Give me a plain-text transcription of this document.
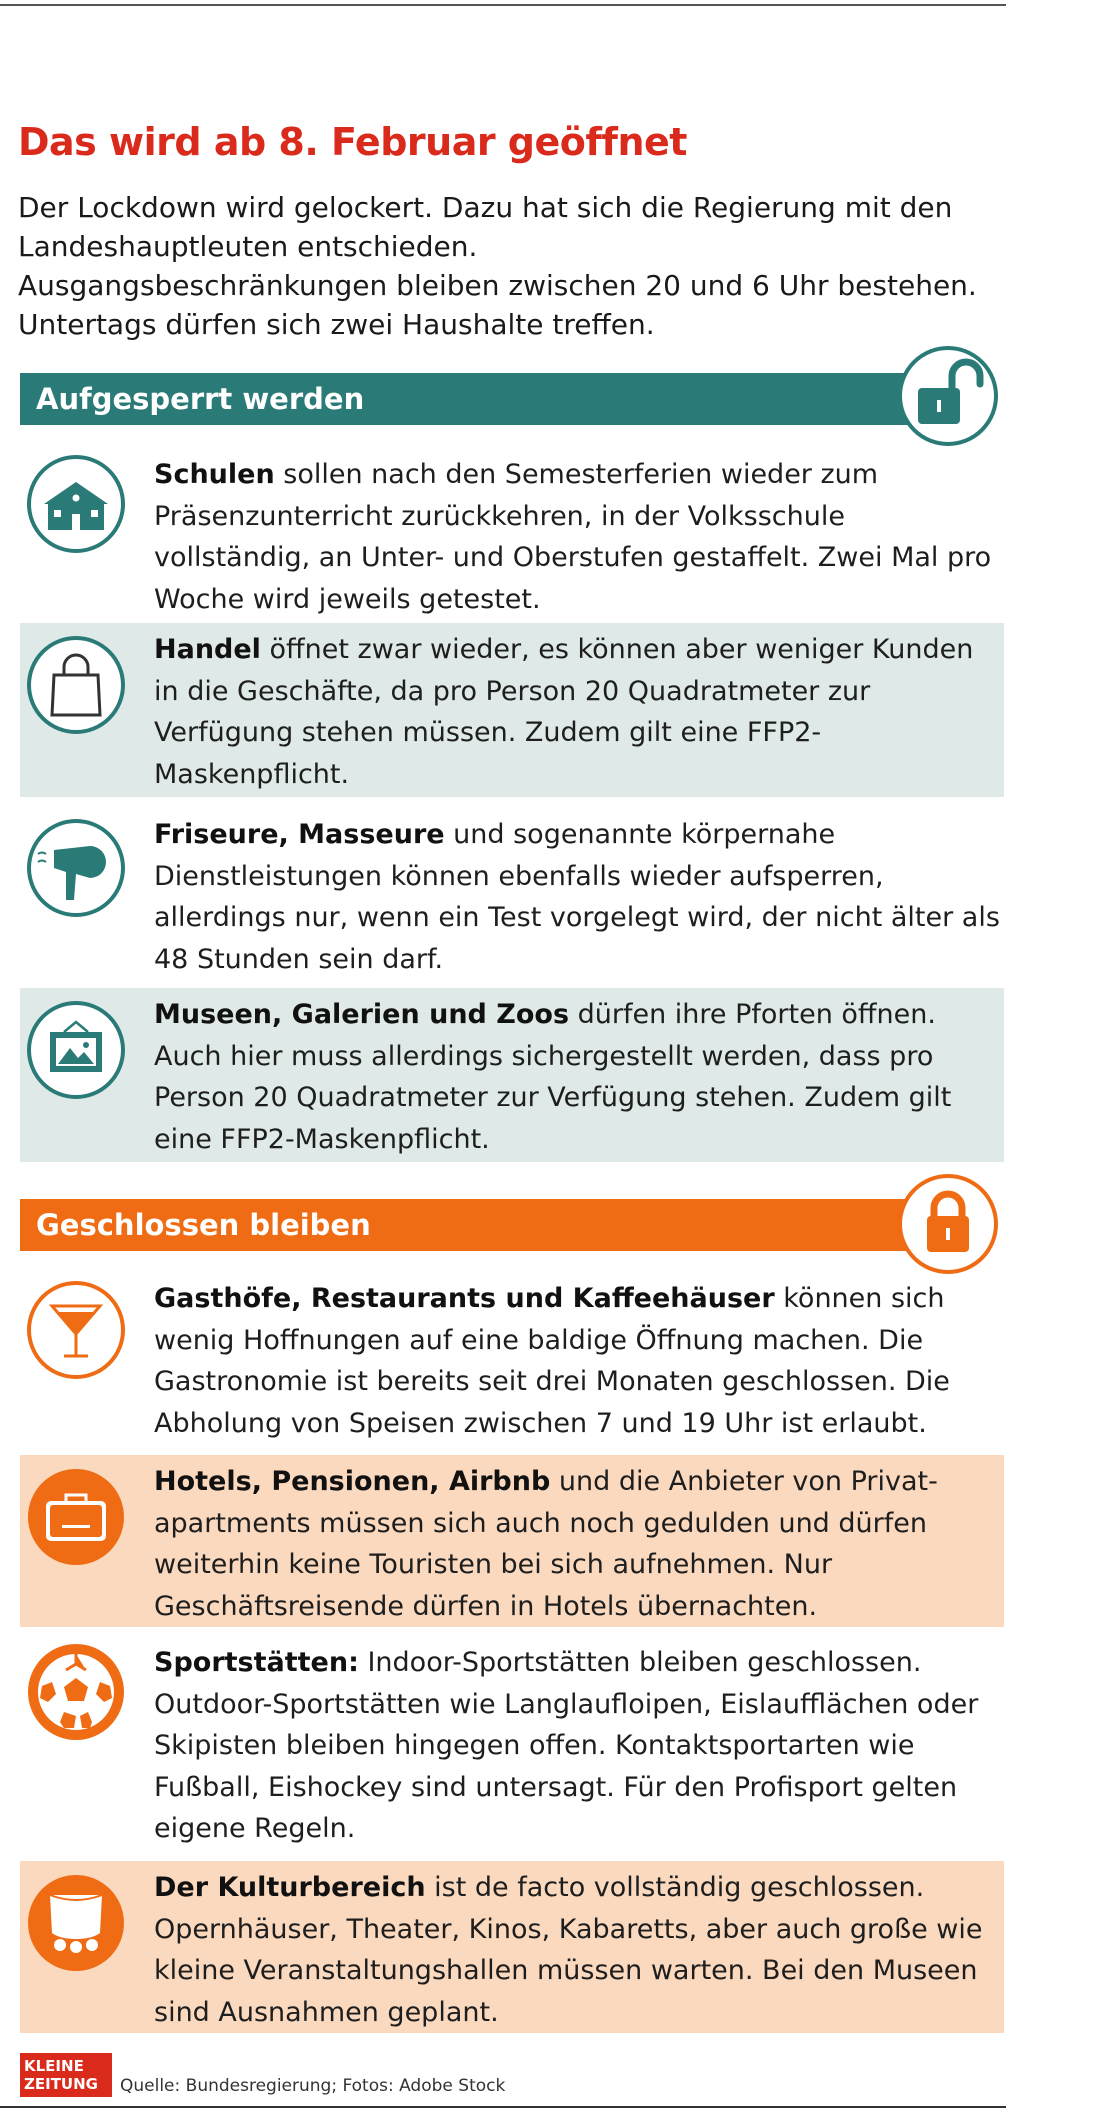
Das wird ab 8. Februar geöffnet

Der Lockdown wird gelockert. Dazu hat sich die Regierung mit den Landeshauptleuten entschieden.

Ausgangsbeschränkungen bleiben zwischen 20 und 6 Uhr bestehen. Untertags dürfen sich zwei Haushalte treffen.

Aufgesperrt werden

Schulen sollen nach den Semesterferien wieder zum Präsenzunterricht zurückkehren, in der Volksschule vollständig, an Unter- und Oberstufen gestaffelt. Zwei Mal pro Woche wird jeweils getestet.

Handel öffnet zwar wieder, es können aber weniger Kunden in die Geschäfte, da pro Person 20 Quadratmeter zur Verfügung stehen müssen. Zudem gilt eine FFP2-Maskenpflicht.

Friseure, Masseure und sogenannte körpernahe Dienstleistungen können ebenfalls wieder aufsperren, allerdings nur, wenn ein Test vorgelegt wird, der nicht älter als 48 Stunden sein darf.

Museen, Galerien und Zoos dürfen ihre Pforten öffnen. Auch hier muss allerdings sichergestellt werden, dass pro Person 20 Quadratmeter zur Verfügung stehen. Zudem gilt eine FFP2-Maskenpflicht.

Geschlossen bleiben

Gasthöfe, Restaurants und Kaffeehäuser können sich wenig Hoffnungen auf eine baldige Öffnung machen. Die Gastronomie ist bereits seit drei Monaten geschlossen. Die Abholung von Speisen zwischen 7 und 19 Uhr ist erlaubt.

Hotels, Pensionen, Airbnb und die Anbieter von Privat-apartments müssen sich auch noch gedulden und dürfen weiterhin keine Touristen bei sich aufnehmen. Nur Geschäftsreisende dürfen in Hotels übernachten.

Sportstätten: Indoor-Sportstätten bleiben geschlossen. Outdoor-Sportstätten wie Langlaufloipen, Eislaufflächen oder Skipisten bleiben hingegen offen. Kontaktsportarten wie Fußball, Eishockey sind untersagt. Für den Profisport gelten eigene Regeln.

Der Kulturbereich ist de facto vollständig geschlossen. Opernhäuser, Theater, Kinos, Kabaretts, aber auch große wie kleine Veranstaltungshallen müssen warten. Bei den Museen sind Ausnahmen geplant.

KLEINE
ZEITUNG	Quelle: Bundesregierung; Fotos: Adobe Stock
